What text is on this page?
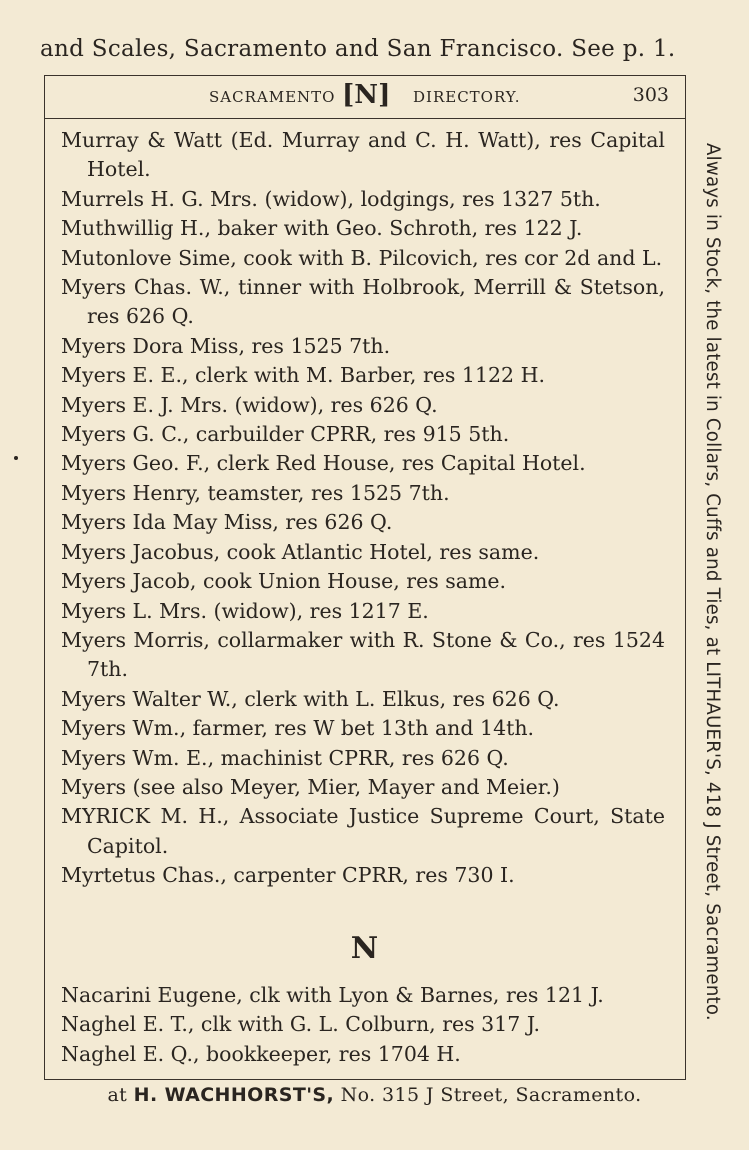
and Scales, Sacramento and San Francisco. See p. 1.
SACRAMENTO [N] DIRECTORY.	303

Murray & Watt (Ed. Murray and C. H. Watt), res Capital Hotel.

Murrels H. G. Mrs. (widow), lodgings, res 1327 5th.

Muthwillig H., baker with Geo. Schroth, res 122 J.

Mutonlove Sime, cook with B. Pilcovich, res cor 2d and L.

Myers Chas. W., tinner with Holbrook, Merrill & Stetson, res 626 Q.

Myers Dora Miss, res 1525 7th.

Myers E. E., clerk with M. Barber, res 1122 H.

Myers E. J. Mrs. (widow), res 626 Q.

Myers G. C., carbuilder CPRR, res 915 5th.

Myers Geo. F., clerk Red House, res Capital Hotel.

Myers Henry, teamster, res 1525 7th.

Myers Ida May Miss, res 626 Q.

Myers Jacobus, cook Atlantic Hotel, res same.

Myers Jacob, cook Union House, res same.

Myers L. Mrs. (widow), res 1217 E.

Myers Morris, collarmaker with R. Stone & Co., res 1524 7th.

Myers Walter W., clerk with L. Elkus, res 626 Q.

Myers Wm., farmer, res W bet 13th and 14th.

Myers Wm. E., machinist CPRR, res 626 Q.

Myers (see also Meyer, Mier, Mayer and Meier.)

MYRICK M. H., Associate Justice Supreme Court, State Capitol.

Myrtetus Chas., carpenter CPRR, res 730 I.

N

Nacarini Eugene, clk with Lyon & Barnes, res 121 J.

Naghel E. T., clk with G. L. Colburn, res 317 J.

Naghel E. Q., bookkeeper, res 1704 H.

Always in Stock, the latest in Collars, Cuffs and Ties, at LITHAUER'S, 418 J Street, Sacramento.
at H. WACHHORST'S, No. 315 J Street, Sacramento.
